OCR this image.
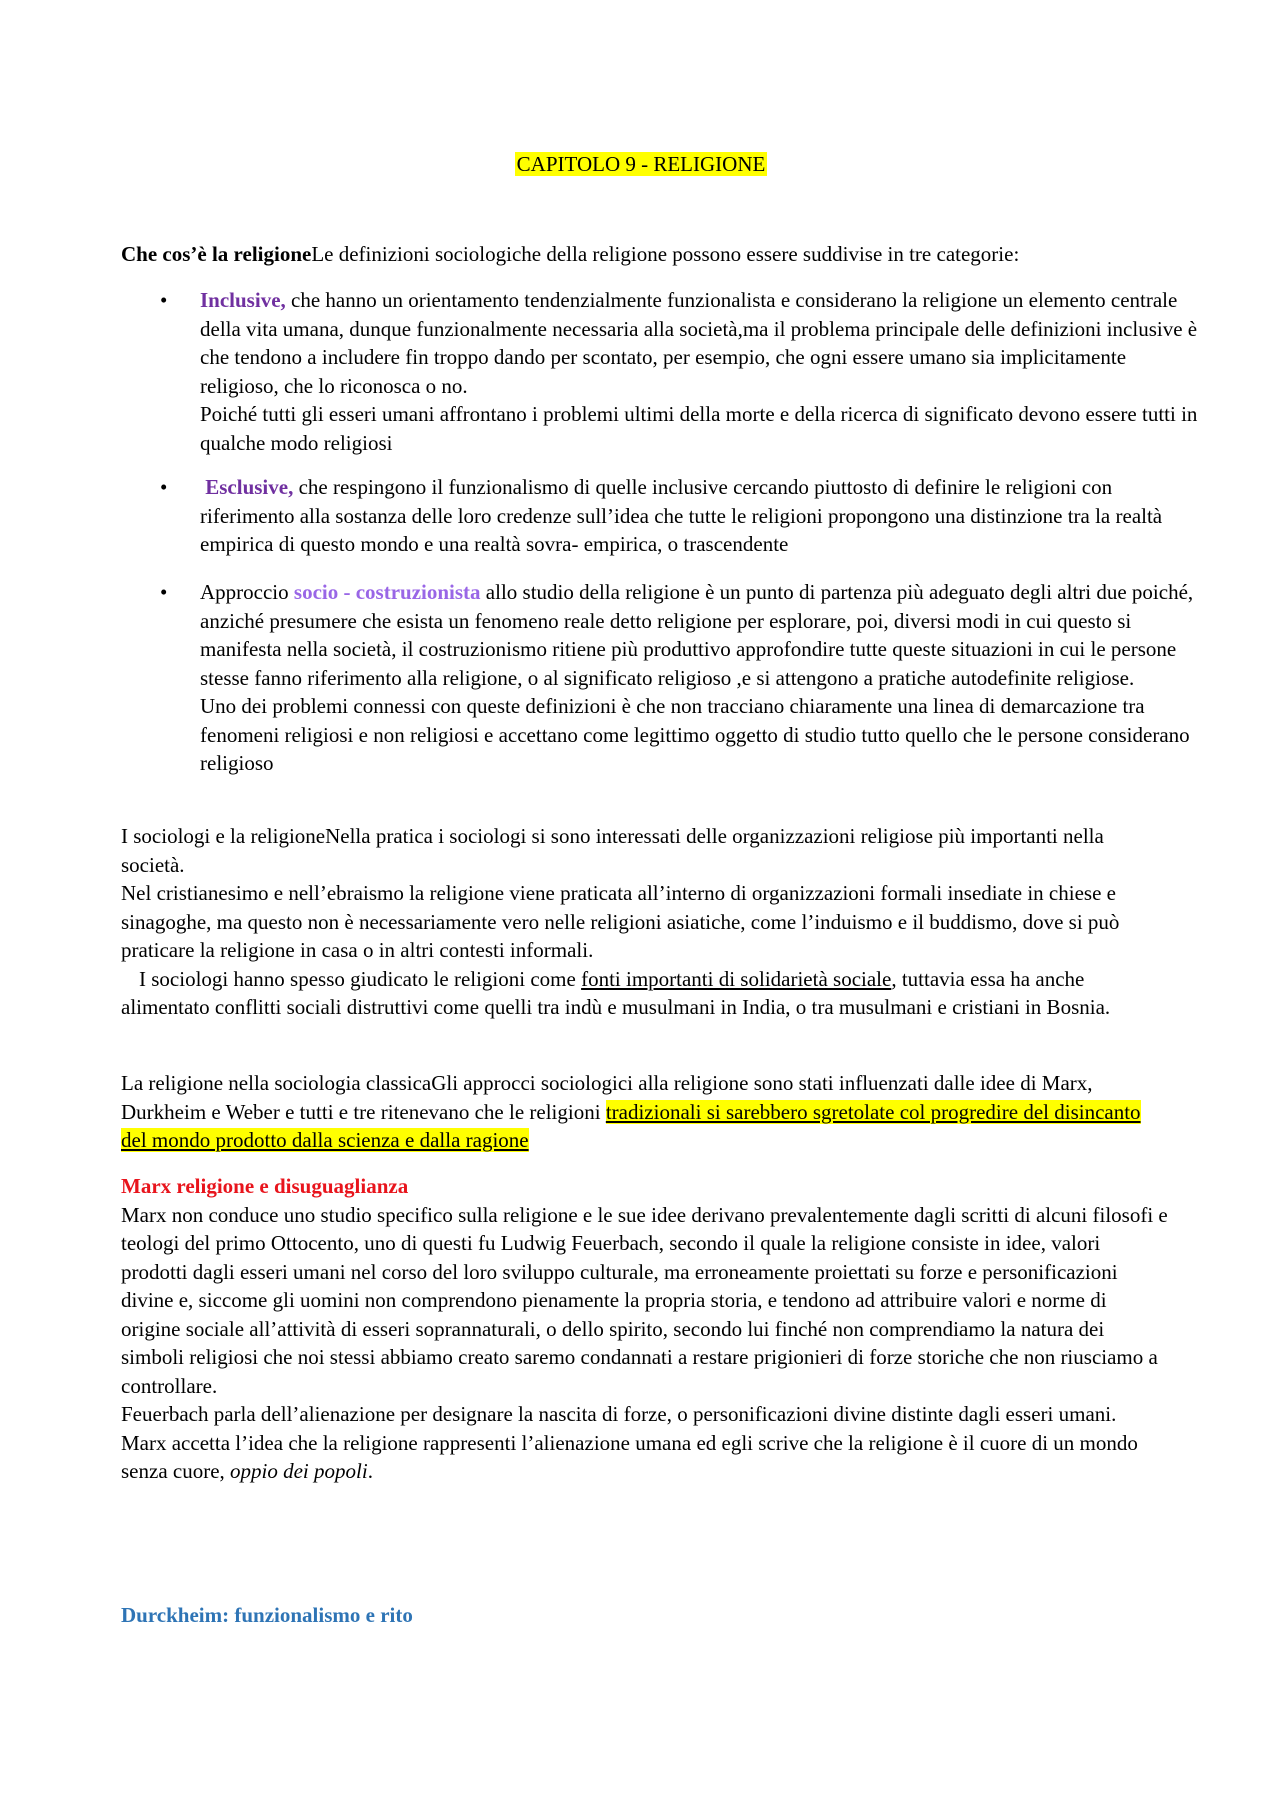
CAPITOLO 9 - RELIGIONE

Che cos’è la religioneLe definizioni sociologiche della religione possono essere suddivise in tre categorie:

•	Inclusive, che hanno un orientamento tendenzialmente funzionalista e considerano la religione un elemento centrale della vita umana, dunque funzionalmente necessaria alla società,ma il problema principale delle definizioni inclusive è che tendono a includere fin troppo dando per scontato, per esempio, che ogni essere umano sia implicitamente religioso, che lo riconosca o no.
Poiché tutti gli esseri umani affrontano i problemi ultimi della morte e della ricerca di significato devono essere tutti in qualche modo religiosi

•	Esclusive, che respingono il funzionalismo di quelle inclusive cercando piuttosto di definire le religioni con riferimento alla sostanza delle loro credenze sull’idea che tutte le religioni propongono una distinzione tra la realtà empirica di questo mondo e una realtà sovra- empirica, o trascendente

•	Approccio socio - costruzionista allo studio della religione è un punto di partenza più adeguato degli altri due poiché, anziché presumere che esista un fenomeno reale detto religione per esplorare, poi, diversi modi in cui questo si manifesta nella società, il costruzionismo ritiene più produttivo approfondire tutte queste situazioni in cui le persone stesse fanno riferimento alla religione, o al significato religioso ,e si attengono a pratiche autodefinite religiose.
Uno dei problemi connessi con queste definizioni è che non tracciano chiaramente una linea di demarcazione tra fenomeni religiosi e non religiosi e accettano come legittimo oggetto di studio tutto quello che le persone considerano religioso

I sociologi e la religioneNella pratica i sociologi si sono interessati delle organizzazioni religiose più importanti nella società.
Nel cristianesimo e nell’ebraismo la religione viene praticata all’interno di organizzazioni formali insediate in chiese e sinagoghe, ma questo non è necessariamente vero nelle religioni asiatiche, come l’induismo e il buddismo, dove si può praticare la religione in casa o in altri contesti informali.
I sociologi hanno spesso giudicato le religioni come fonti importanti di solidarietà sociale, tuttavia essa ha anche alimentato conflitti sociali distruttivi come quelli tra indù e musulmani in India, o tra musulmani e cristiani in Bosnia.

La religione nella sociologia classicaGli approcci sociologici alla religione sono stati influenzati dalle idee di Marx, Durkheim e Weber e tutti e tre ritenevano che le religioni tradizionali si sarebbero sgretolate col progredire del disincanto del mondo prodotto dalla scienza e dalla ragione

Marx religione e disuguaglianza
Marx non conduce uno studio specifico sulla religione e le sue idee derivano prevalentemente dagli scritti di alcuni filosofi e teologi del primo Ottocento, uno di questi fu Ludwig Feuerbach, secondo il quale la religione consiste in idee, valori prodotti dagli esseri umani nel corso del loro sviluppo culturale, ma erroneamente proiettati su forze e personificazioni divine e, siccome gli uomini non comprendono pienamente la propria storia, e tendono ad attribuire valori e norme di origine sociale all’attività di esseri soprannaturali, o dello spirito, secondo lui finché non comprendiamo la natura dei simboli religiosi che noi stessi abbiamo creato saremo condannati a restare prigionieri di forze storiche che non riusciamo a controllare.
Feuerbach parla dell’alienazione per designare la nascita di forze, o personificazioni divine distinte dagli esseri umani.
Marx accetta l’idea che la religione rappresenti l’alienazione umana ed egli scrive che la religione è il cuore di un mondo senza cuore, oppio dei popoli.

Durckheim: funzionalismo e rito
